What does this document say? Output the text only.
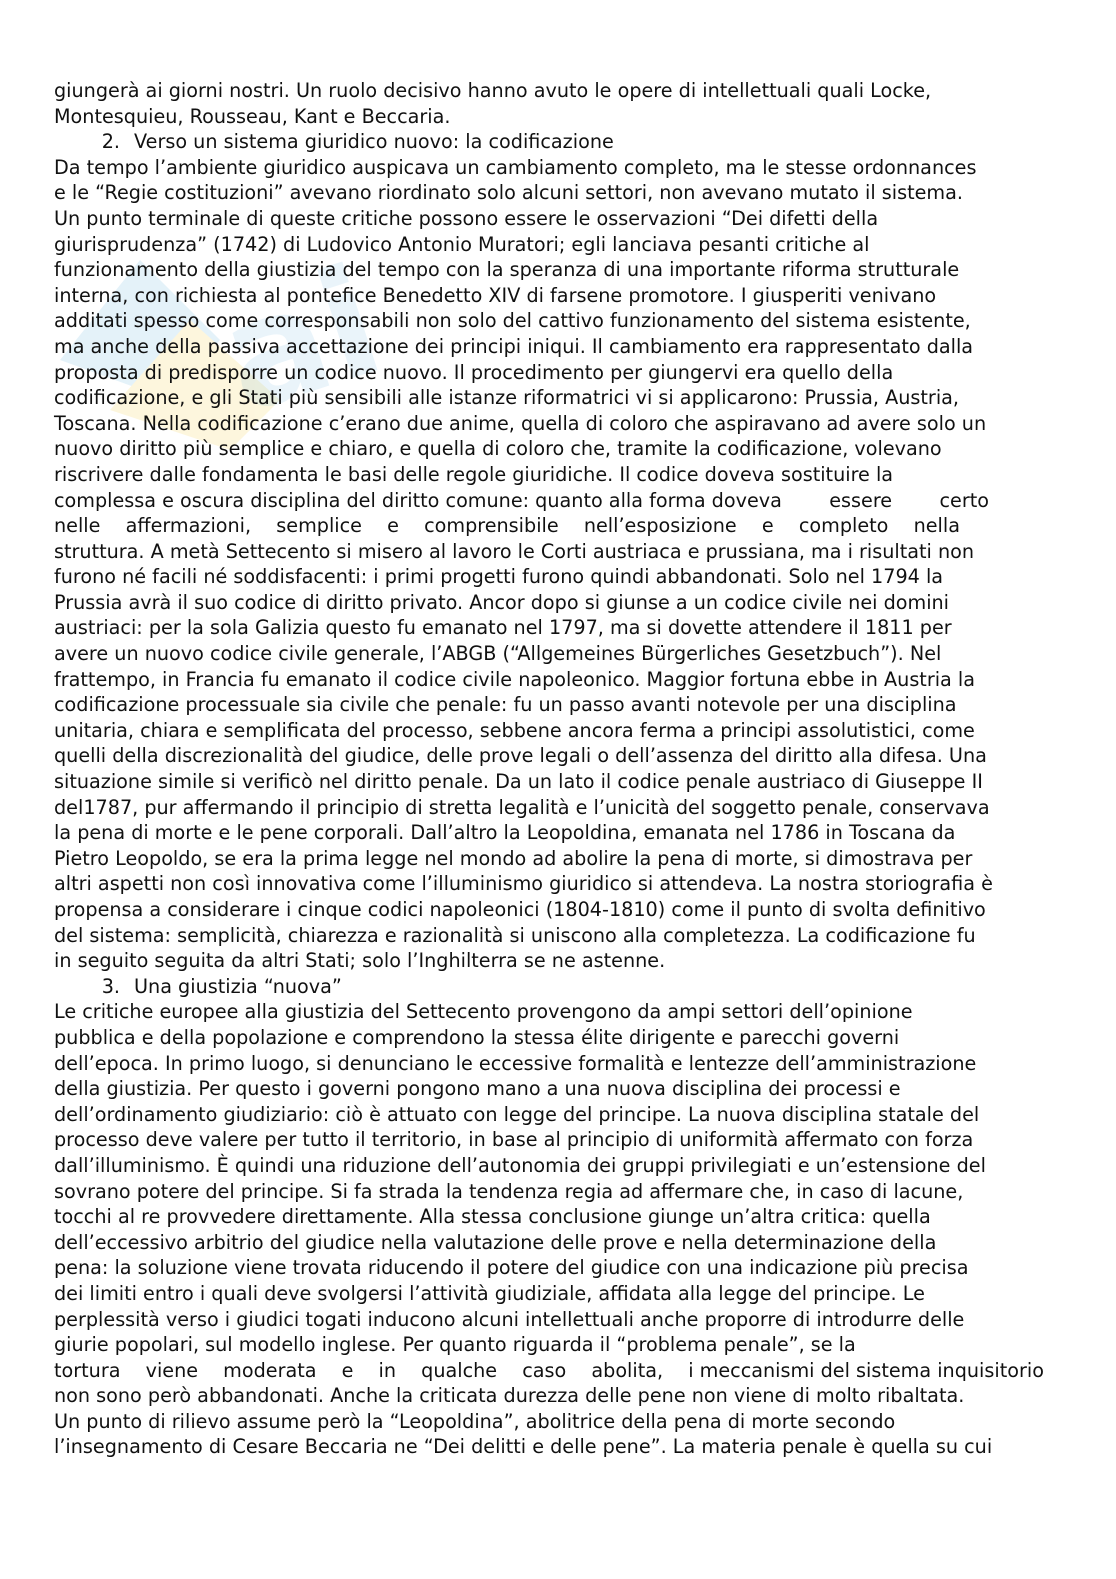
ai
giungerà ai giorni nostri. Un ruolo decisivo hanno avuto le opere di intellettuali quali Locke,
Montesquieu, Rousseau, Kant e Beccaria.
2. Verso un sistema giuridico nuovo: la codificazione
Da tempo l’ambiente giuridico auspicava un cambiamento completo, ma le stesse ordonnances
e le “Regie costituzioni” avevano riordinato solo alcuni settori, non avevano mutato il sistema.
Un punto terminale di queste critiche possono essere le osservazioni “Dei difetti della
giurisprudenza” (1742) di Ludovico Antonio Muratori; egli lanciava pesanti critiche al
funzionamento della giustizia del tempo con la speranza di una importante riforma strutturale
interna, con richiesta al pontefice Benedetto XIV di farsene promotore. I giusperiti venivano
additati spesso come corresponsabili non solo del cattivo funzionamento del sistema esistente,
ma anche della passiva accettazione dei principi iniqui. Il cambiamento era rappresentato dalla
proposta di predisporre un codice nuovo. Il procedimento per giungervi era quello della
codificazione, e gli Stati più sensibili alle istanze riformatrici vi si applicarono: Prussia, Austria,
Toscana. Nella codificazione c’erano due anime, quella di coloro che aspiravano ad avere solo un
nuovo diritto più semplice e chiaro, e quella di coloro che, tramite la codificazione, volevano
riscrivere dalle fondamenta le basi delle regole giuridiche. Il codice doveva sostituire la
complessa e oscura disciplina del diritto comune: quanto alla forma doveva essere certo
nelle affermazioni, semplice e comprensibile nell’esposizione e completo nella
struttura. A metà Settecento si misero al lavoro le Corti austriaca e prussiana, ma i risultati non
furono né facili né soddisfacenti: i primi progetti furono quindi abbandonati. Solo nel 1794 la
Prussia avrà il suo codice di diritto privato. Ancor dopo si giunse a un codice civile nei domini
austriaci: per la sola Galizia questo fu emanato nel 1797, ma si dovette attendere il 1811 per
avere un nuovo codice civile generale, l’ABGB (“Allgemeines Bürgerliches Gesetzbuch”). Nel
frattempo, in Francia fu emanato il codice civile napoleonico. Maggior fortuna ebbe in Austria la
codificazione processuale sia civile che penale: fu un passo avanti notevole per una disciplina
unitaria, chiara e semplificata del processo, sebbene ancora ferma a principi assolutistici, come
quelli della discrezionalità del giudice, delle prove legali o dell’assenza del diritto alla difesa. Una
situazione simile si verificò nel diritto penale. Da un lato il codice penale austriaco di Giuseppe II
del1787, pur affermando il principio di stretta legalità e l’unicità del soggetto penale, conservava
la pena di morte e le pene corporali. Dall’altro la Leopoldina, emanata nel 1786 in Toscana da
Pietro Leopoldo, se era la prima legge nel mondo ad abolire la pena di morte, si dimostrava per
altri aspetti non così innovativa come l’illuminismo giuridico si attendeva. La nostra storiografia è
propensa a considerare i cinque codici napoleonici (1804-1810) come il punto di svolta definitivo
del sistema: semplicità, chiarezza e razionalità si uniscono alla completezza. La codificazione fu
in seguito seguita da altri Stati; solo l’Inghilterra se ne astenne.
3. Una giustizia “nuova”
Le critiche europee alla giustizia del Settecento provengono da ampi settori dell’opinione
pubblica e della popolazione e comprendono la stessa élite dirigente e parecchi governi
dell’epoca. In primo luogo, si denunciano le eccessive formalità e lentezze dell’amministrazione
della giustizia. Per questo i governi pongono mano a una nuova disciplina dei processi e
dell’ordinamento giudiziario: ciò è attuato con legge del principe. La nuova disciplina statale del
processo deve valere per tutto il territorio, in base al principio di uniformità affermato con forza
dall’illuminismo. È quindi una riduzione dell’autonomia dei gruppi privilegiati e un’estensione del
sovrano potere del principe. Si fa strada la tendenza regia ad affermare che, in caso di lacune,
tocchi al re provvedere direttamente. Alla stessa conclusione giunge un’altra critica: quella
dell’eccessivo arbitrio del giudice nella valutazione delle prove e nella determinazione della
pena: la soluzione viene trovata riducendo il potere del giudice con una indicazione più precisa
dei limiti entro i quali deve svolgersi l’attività giudiziale, affidata alla legge del principe. Le
perplessità verso i giudici togati inducono alcuni intellettuali anche proporre di introdurre delle
giurie popolari, sul modello inglese. Per quanto riguarda il “problema penale”, se la
tortura viene moderata e in qualche caso abolita, i meccanismi del sistema inquisitorio
non sono però abbandonati. Anche la criticata durezza delle pene non viene di molto ribaltata.
Un punto di rilievo assume però la “Leopoldina”, abolitrice della pena di morte secondo
l’insegnamento di Cesare Beccaria ne “Dei delitti e delle pene”. La materia penale è quella su cui
